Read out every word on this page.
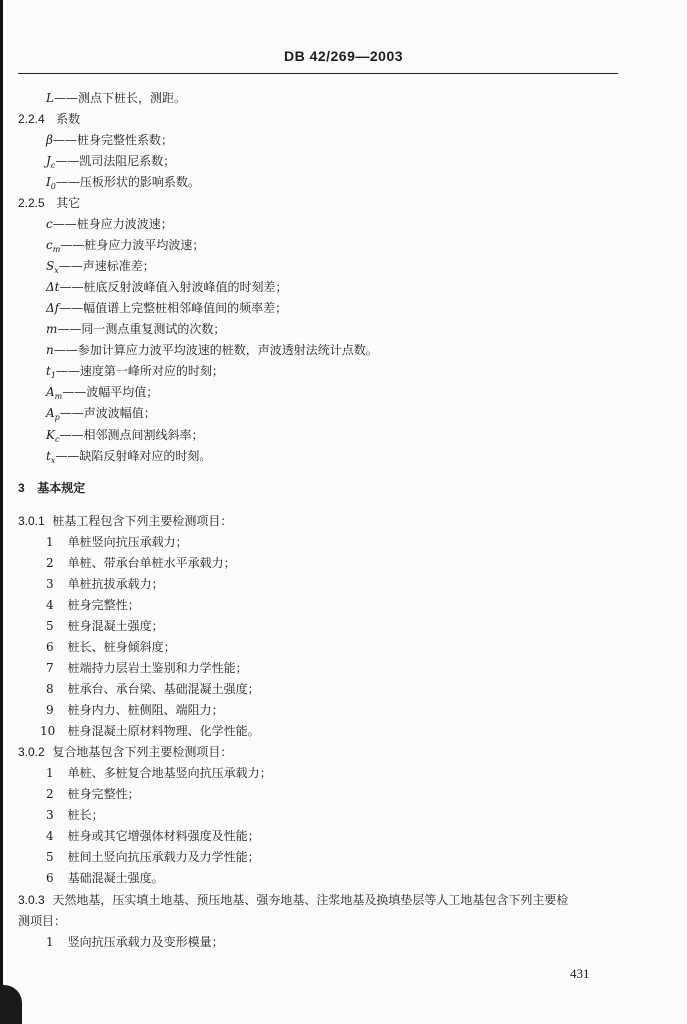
DB 42/269—2003
L——测点下桩长，测距。
2.2.4 系数
β——桩身完整性系数；
$J_c——$凯司法阻尼系数；
$I_0——$压板形状的影响系数。
2.2.5 其它
c——桩身应力波波速；
$c_m——$桩身应力波平均波速；
$S_x——$声速标准差；
Δt——桩底反射波峰值入射波峰值的时刻差；
Δf——幅值谱上完整桩相邻峰值间的频率差；
m——同一测点重复测试的次数；
n——参加计算应力波平均波速的桩数，声波透射法统计点数。
$t_1——$速度第一峰所对应的时刻；
$A_m——$波幅平均值；
$A_p——$声波波幅值；
$K_c——$相邻测点间割线斜率；
$t_x——$缺陷反射峰对应的时刻。
3 基本规定
3.0.1 桩基工程包含下列主要检测项目：
1 单桩竖向抗压承载力；
2 单桩、带承台单桩水平承载力；
3 单桩抗拔承载力；
4 桩身完整性；
5 桩身混凝土强度；
6 桩长、桩身倾斜度；
7 桩端持力层岩土鉴别和力学性能；
8 桩承台、承台梁、基础混凝土强度；
9 桩身内力、桩侧阻、端阻力；
10 桩身混凝土原材料物理、化学性能。
3.0.2 复合地基包含下列主要检测项目：
1 单桩、多桩复合地基竖向抗压承载力；
2 桩身完整性；
3 桩长；
4 桩身或其它增强体材料强度及性能；
5 桩间土竖向抗压承载力及力学性能；
6 基础混凝土强度。
3.0.3 天然地基，压实填土地基、预压地基、强夯地基、注浆地基及换填垫层等人工地基包含下列主要检
测项目：
1 竖向抗压承载力及变形模量；
431
